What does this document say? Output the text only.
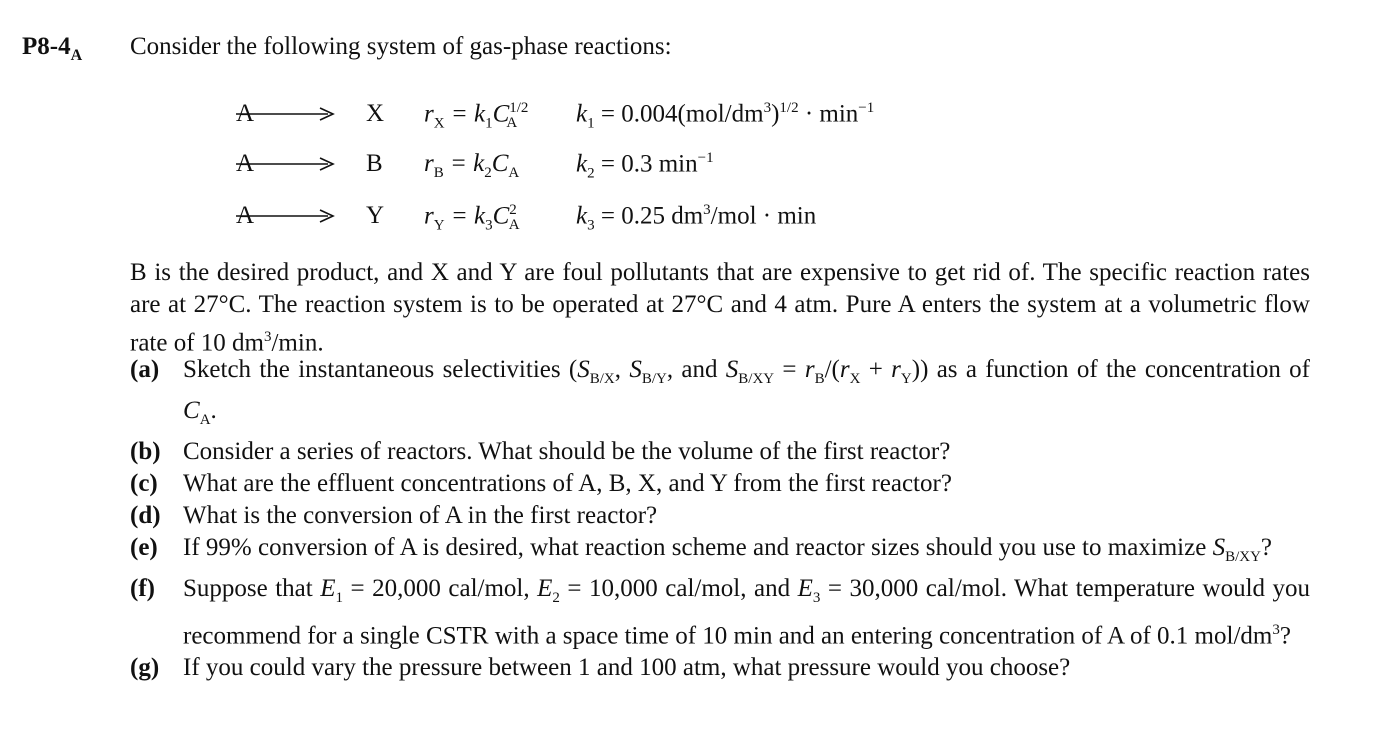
$P8-4_A$ Consider the following system of gas-phase reactions:
A → X $r_X = k_1C^{1/2}_A$ $k_1 = 0.004(mol/dm^3)^{1/2} \cdot \min^{-1}$
A → B $r_B = k_2C_A$ $k_2 = 0.3$ $\min^{-1}$
A → Y $r_Y = k_3C^2_A$ $k_3 = 0.25$ $dm^3$/mol · min
B is the desired product, and X and Y are foul pollutants that are expensive to get rid of. The specific reaction rates are at 27°C. The reaction system is to be operated at 27°C and 4 atm. Pure A enters the system at a volumetric flow rate of 10 $dm^3/\min$.
(a) Sketch the instantaneous selectivities ($S_{B/X}$, $S_{B/Y}$, and $S_{B/XY} = r_B/(r_X + r_Y)$) as a function of the concentration of $C_A$.
(b) Consider a series of reactors. What should be the volume of the first reactor?
(c) What are the effluent concentrations of A, B, X, and Y from the first reactor?
(d) What is the conversion of A in the first reactor?
(e) If 99% conversion of A is desired, what reaction scheme and reactor sizes should you use to maximize $S_{B/XY}$?
(f) Suppose that $E_1 = 20,000$ cal/mol, $E_2 = 10,000$ cal/mol, and $E_3 = 30,000$ cal/mol. What temperature would you recommend for a single CSTR with a space time of 10 min and an entering concentration of A of 0.1 mol/$dm^3$?
(g) If you could vary the pressure between 1 and 100 atm, what pressure would you choose?
